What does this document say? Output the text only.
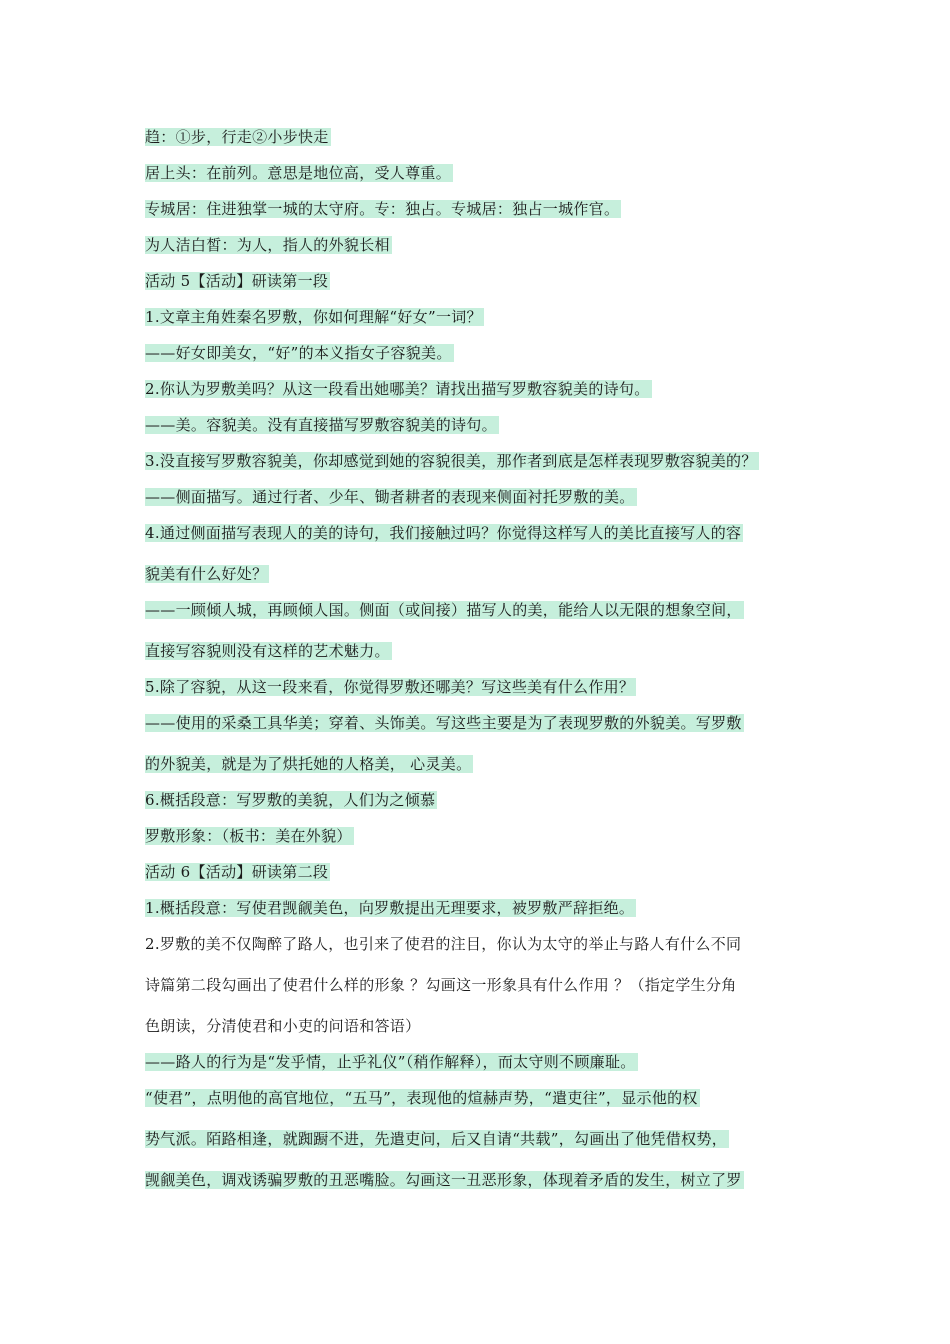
趋：①步，行走②小步快走
居上头：在前列。意思是地位高，受人尊重。
专城居：住进独掌一城的太守府。专：独占。专城居：独占一城作官。
为人洁白皙：为人，指人的外貌长相
活动 5【活动】研读第一段
1.文章主角姓秦名罗敷，你如何理解“好女”一词？
——好女即美女，“好”的本义指女子容貌美。
2.你认为罗敷美吗？从这一段看出她哪美？请找出描写罗敷容貌美的诗句。
——美。容貌美。没有直接描写罗敷容貌美的诗句。
3.没直接写罗敷容貌美，你却感觉到她的容貌很美，那作者到底是怎样表现罗敷容貌美的？
——侧面描写。通过行者、少年、锄者耕者的表现来侧面衬托罗敷的美。
4.通过侧面描写表现人的美的诗句，我们接触过吗？你觉得这样写人的美比直接写人的容
貌美有什么好处？
——一顾倾人城，再顾倾人国。侧面（或间接）描写人的美，能给人以无限的想象空间，
直接写容貌则没有这样的艺术魅力。
5.除了容貌，从这一段来看，你觉得罗敷还哪美？写这些美有什么作用？
——使用的采桑工具华美；穿着、头饰美。写这些主要是为了表现罗敷的外貌美。写罗敷
的外貌美，就是为了烘托她的人格美， 心灵美。
6.概括段意：写罗敷的美貌，人们为之倾慕
罗敷形象：（板书：美在外貌）
活动 6【活动】研读第二段
1.概括段意：写使君觊觎美色，向罗敷提出无理要求，被罗敷严辞拒绝。
2.罗敷的美不仅陶醉了路人，也引来了使君的注目，你认为太守的举止与路人有什么不同
诗篇第二段勾画出了使君什么样的形象 ？勾画这一形象具有什么作用 ？（指定学生分角
色朗读，分清使君和小吏的问语和答语）
——路人的行为是“发乎情，止乎礼仪”（稍作解释），而太守则不顾廉耻。
“使君”，点明他的高官地位，“五马”，表现他的煊赫声势，“遣吏往”，显示他的权
势气派。陌路相逢，就踟蹰不进，先遣吏问，后又自请“共载”，勾画出了他凭借权势，
觊觎美色，调戏诱骗罗敷的丑恶嘴脸。勾画这一丑恶形象，体现着矛盾的发生，树立了罗
